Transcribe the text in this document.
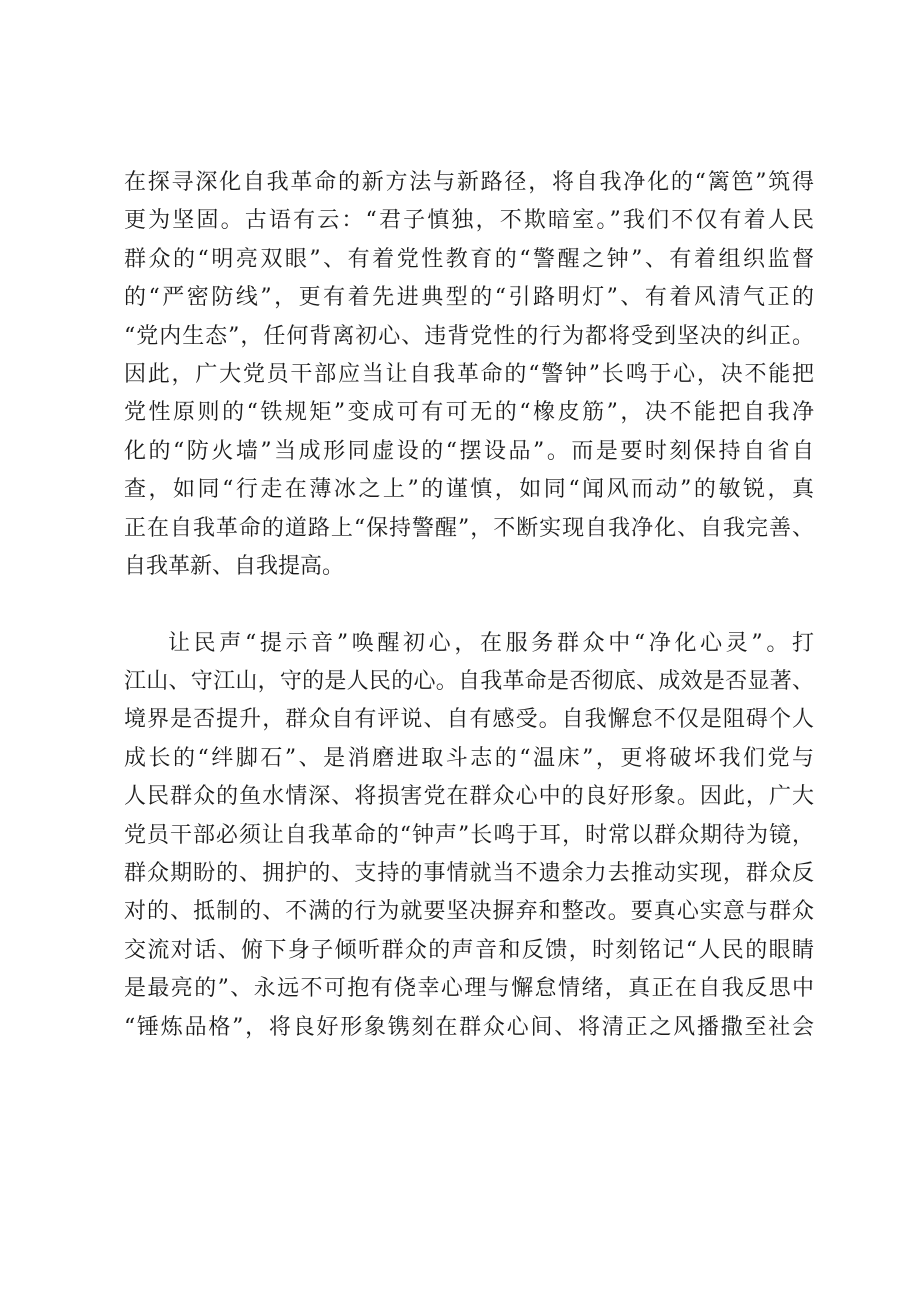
在探寻深化自我革命的新方法与新路径，将自我净化的“篱笆”筑得
更为坚固。古语有云：“君子慎独，不欺暗室。”我们不仅有着人民
群众的“明亮双眼”、有着党性教育的“警醒之钟”、有着组织监督
的“严密防线”，更有着先进典型的“引路明灯”、有着风清气正的
“党内生态”，任何背离初心、违背党性的行为都将受到坚决的纠正。
因此，广大党员干部应当让自我革命的“警钟”长鸣于心，决不能把
党性原则的“铁规矩”变成可有可无的“橡皮筋”，决不能把自我净
化的“防火墙”当成形同虚设的“摆设品”。而是要时刻保持自省自
查，如同“行走在薄冰之上”的谨慎，如同“闻风而动”的敏锐，真
正在自我革命的道路上“保持警醒”，不断实现自我净化、自我完善、
自我革新、自我提高。
让民声“提示音”唤醒初心，在服务群众中“净化心灵”。打
江山、守江山，守的是人民的心。自我革命是否彻底、成效是否显著、
境界是否提升，群众自有评说、自有感受。自我懈怠不仅是阻碍个人
成长的“绊脚石”、是消磨进取斗志的“温床”，更将破坏我们党与
人民群众的鱼水情深、将损害党在群众心中的良好形象。因此，广大
党员干部必须让自我革命的“钟声”长鸣于耳，时常以群众期待为镜，
群众期盼的、拥护的、支持的事情就当不遗余力去推动实现，群众反
对的、抵制的、不满的行为就要坚决摒弃和整改。要真心实意与群众
交流对话、俯下身子倾听群众的声音和反馈，时刻铭记“人民的眼睛
是最亮的”、永远不可抱有侥幸心理与懈怠情绪，真正在自我反思中
“锤炼品格”，将良好形象镌刻在群众心间、将清正之风播撒至社会
